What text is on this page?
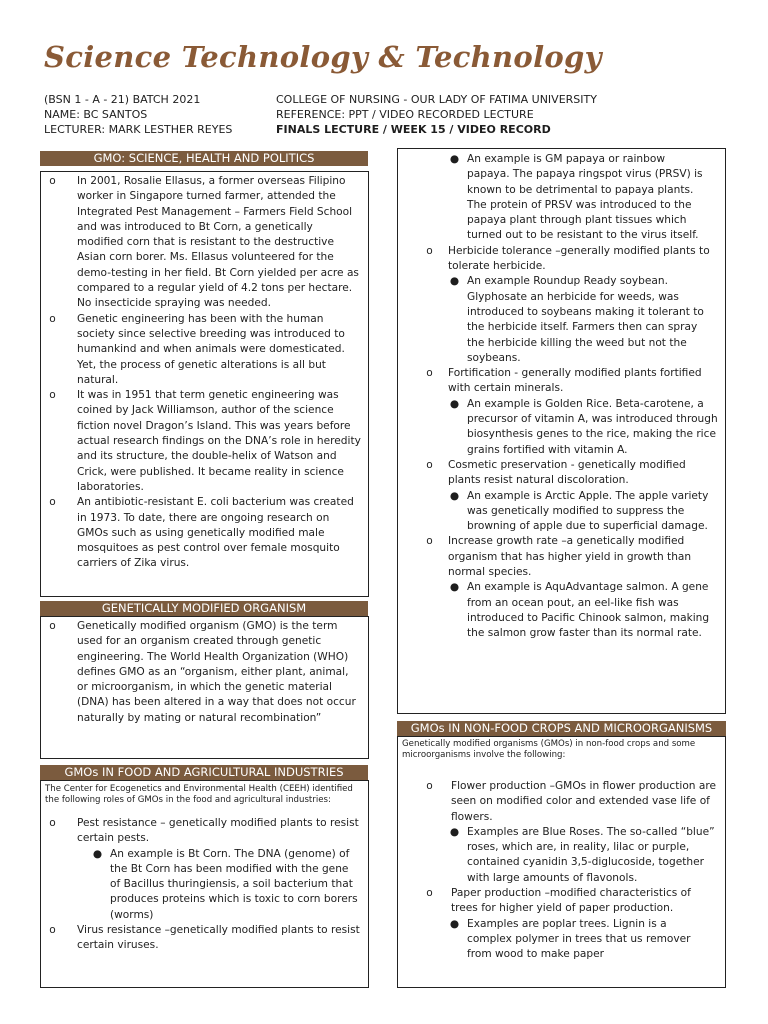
Science Technology & Technology
(BSN 1 - A - 21) BATCH 2021
NAME: BC SANTOS
LECTURER: MARK LESTHER REYES
COLLEGE OF NURSING - OUR LADY OF FATIMA UNIVERSITY
REFERENCE: PPT / VIDEO RECORDED LECTURE
FINALS LECTURE / WEEK 15 / VIDEO RECORD
GMO: SCIENCE, HEALTH AND POLITICS
o	In 2001, Rosalie Ellasus, a former overseas Filipino worker in Singapore turned farmer, attended the Integrated Pest Management – Farmers Field School and was introduced to Bt Corn, a genetically modified corn that is resistant to the destructive Asian corn borer. Ms. Ellasus volunteered for the demo-testing in her field. Bt Corn yielded per acre as compared to a regular yield of 4.2 tons per hectare. No insecticide spraying was needed.
o	Genetic engineering has been with the human society since selective breeding was introduced to humankind and when animals were domesticated. Yet, the process of genetic alterations is all but natural.
o	It was in 1951 that term genetic engineering was coined by Jack Williamson, author of the science fiction novel Dragon’s Island. This was years before actual research findings on the DNA’s role in heredity and its structure, the double-helix of Watson and Crick, were published. It became reality in science laboratories.
o	An antibiotic-resistant E. coli bacterium was created in 1973. To date, there are ongoing research on GMOs such as using genetically modified male mosquitoes as pest control over female mosquito carriers of Zika virus.
GENETICALLY MODIFIED ORGANISM
o	Genetically modified organism (GMO) is the term used for an organism created through genetic engineering. The World Health Organization (WHO) defines GMO as an “organism, either plant, animal, or microorganism, in which the genetic material (DNA) has been altered in a way that does not occur naturally by mating or natural recombination”
GMOs IN FOOD AND AGRICULTURAL INDUSTRIES
The Center for Ecogenetics and Environmental Health (CEEH) identified the following roles of GMOs in the food and agricultural industries:
o	Pest resistance – genetically modified plants to resist certain pests.
● An example is Bt Corn. The DNA (genome) of the Bt Corn has been modified with the gene of Bacillus thuringiensis, a soil bacterium that produces proteins which is toxic to corn borers (worms)
o	Virus resistance –genetically modified plants to resist certain viruses.
● An example is GM papaya or rainbow papaya. The papaya ringspot virus (PRSV) is known to be detrimental to papaya plants. The protein of PRSV was introduced to the papaya plant through plant tissues which turned out to be resistant to the virus itself.
o	Herbicide tolerance –generally modified plants to tolerate herbicide.
● An example Roundup Ready soybean. Glyphosate an herbicide for weeds, was introduced to soybeans making it tolerant to the herbicide itself. Farmers then can spray the herbicide killing the weed but not the soybeans.
o	Fortification - generally modified plants fortified with certain minerals.
● An example is Golden Rice. Beta-carotene, a precursor of vitamin A, was introduced through biosynthesis genes to the rice, making the rice grains fortified with vitamin A.
o	Cosmetic preservation - genetically modified plants resist natural discoloration.
● An example is Arctic Apple. The apple variety was genetically modified to suppress the browning of apple due to superficial damage.
o	Increase growth rate –a genetically modified organism that has higher yield in growth than normal species.
● An example is AquAdvantage salmon. A gene from an ocean pout, an eel-like fish was introduced to Pacific Chinook salmon, making the salmon grow faster than its normal rate.
GMOs IN NON-FOOD CROPS AND MICROORGANISMS
Genetically modified organisms (GMOs) in non-food crops and some microorganisms involve the following:
o	Flower production –GMOs in flower production are seen on modified color and extended vase life of flowers.
● Examples are Blue Roses. The so-called “blue” roses, which are, in reality, lilac or purple, contained cyanidin 3,5-diglucoside, together with large amounts of flavonols.
o	Paper production –modified characteristics of trees for higher yield of paper production.
● Examples are poplar trees. Lignin is a complex polymer in trees that us remover from wood to make paper
